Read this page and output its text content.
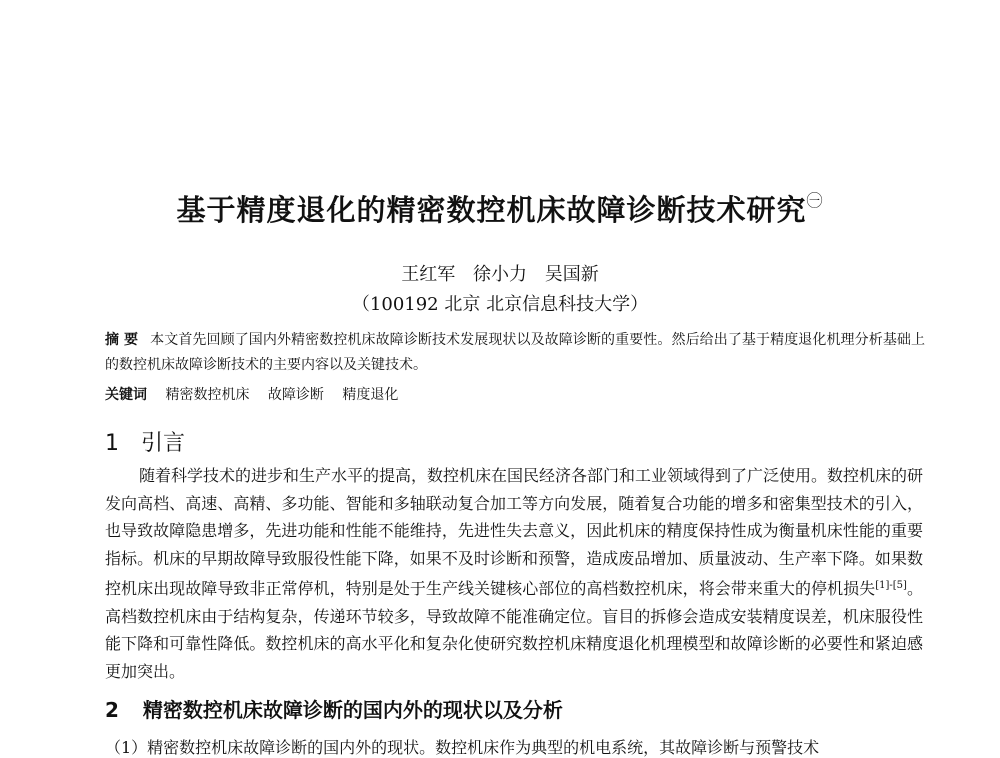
基于精度退化的精密数控机床故障诊断技术研究$^㊀$
王红军 徐小力 吴国新
（100192 北京 北京信息科技大学）
摘 要 本文首先回顾了国内外精密数控机床故障诊断技术发展现状以及故障诊断的重要性。然后给出了基于精度退化机理分析基础上的数控机床故障诊断技术的主要内容以及关键技术。
关键词 精密数控机床 故障诊断 精度退化
1 引言
随着科学技术的进步和生产水平的提高，数控机床在国民经济各部门和工业领域得到了广泛使用。数控机床的研发向高档、高速、高精、多功能、智能和多轴联动复合加工等方向发展，随着复合功能的增多和密集型技术的引入，也导致故障隐患增多，先进功能和性能不能维持，先进性失去意义，因此机床的精度保持性成为衡量机床性能的重要指标。机床的早期故障导致服役性能下降，如果不及时诊断和预警，造成废品增加、质量波动、生产率下降。如果数控机床出现故障导致非正常停机，特别是处于生产线关键核心部位的高档数控机床，将会带来重大的停机损失[1]-[5]。高档数控机床由于结构复杂，传递环节较多，导致故障不能准确定位。盲目的拆修会造成安装精度误差，机床服役性能下降和可靠性降低。数控机床的高水平化和复杂化使研究数控机床精度退化机理模型和故障诊断的必要性和紧迫感更加突出。
2 精密数控机床故障诊断的国内外的现状以及分析
（1）精密数控机床故障诊断的国内外的现状。数控机床作为典型的机电系统，其故障诊断与预警技术
